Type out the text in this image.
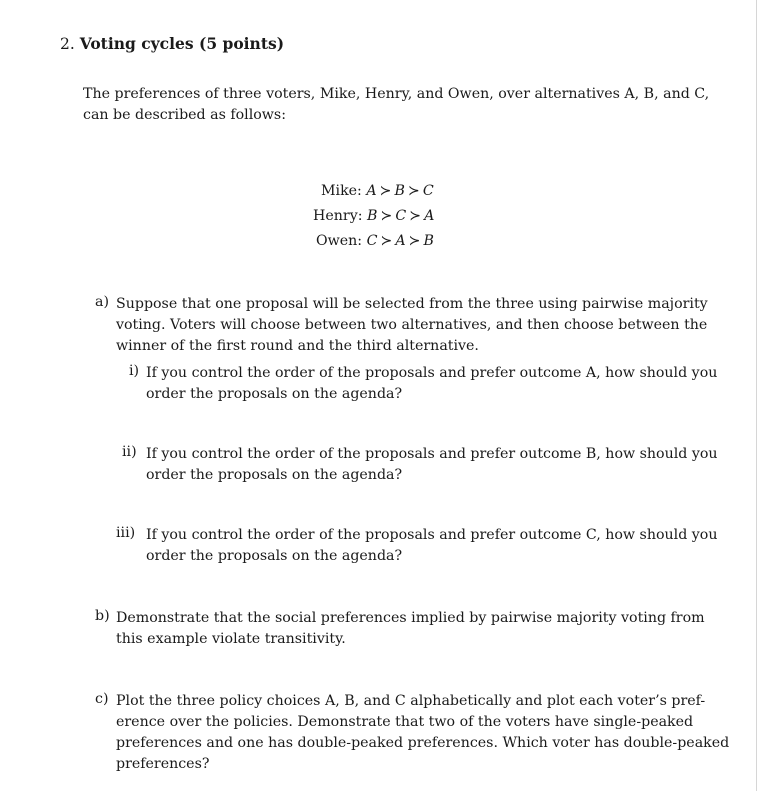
2. Voting cycles (5 points)
The preferences of three voters, Mike, Henry, and Owen, over alternatives A, B, and C,
can be described as follows:
Mike: A ≻ B ≻ C
Henry: B ≻ C ≻ A
Owen: C ≻ A ≻ B
a) Suppose that one proposal will be selected from the three using pairwise majority
voting. Voters will choose between two alternatives, and then choose between the
winner of the first round and the third alternative.
i) If you control the order of the proposals and prefer outcome A, how should you
order the proposals on the agenda?
ii) If you control the order of the proposals and prefer outcome B, how should you
order the proposals on the agenda?
iii) If you control the order of the proposals and prefer outcome C, how should you
order the proposals on the agenda?
b) Demonstrate that the social preferences implied by pairwise majority voting from
this example violate transitivity.
c) Plot the three policy choices A, B, and C alphabetically and plot each voter’s pref-
erence over the policies. Demonstrate that two of the voters have single-peaked
preferences and one has double-peaked preferences. Which voter has double-peaked
preferences?
